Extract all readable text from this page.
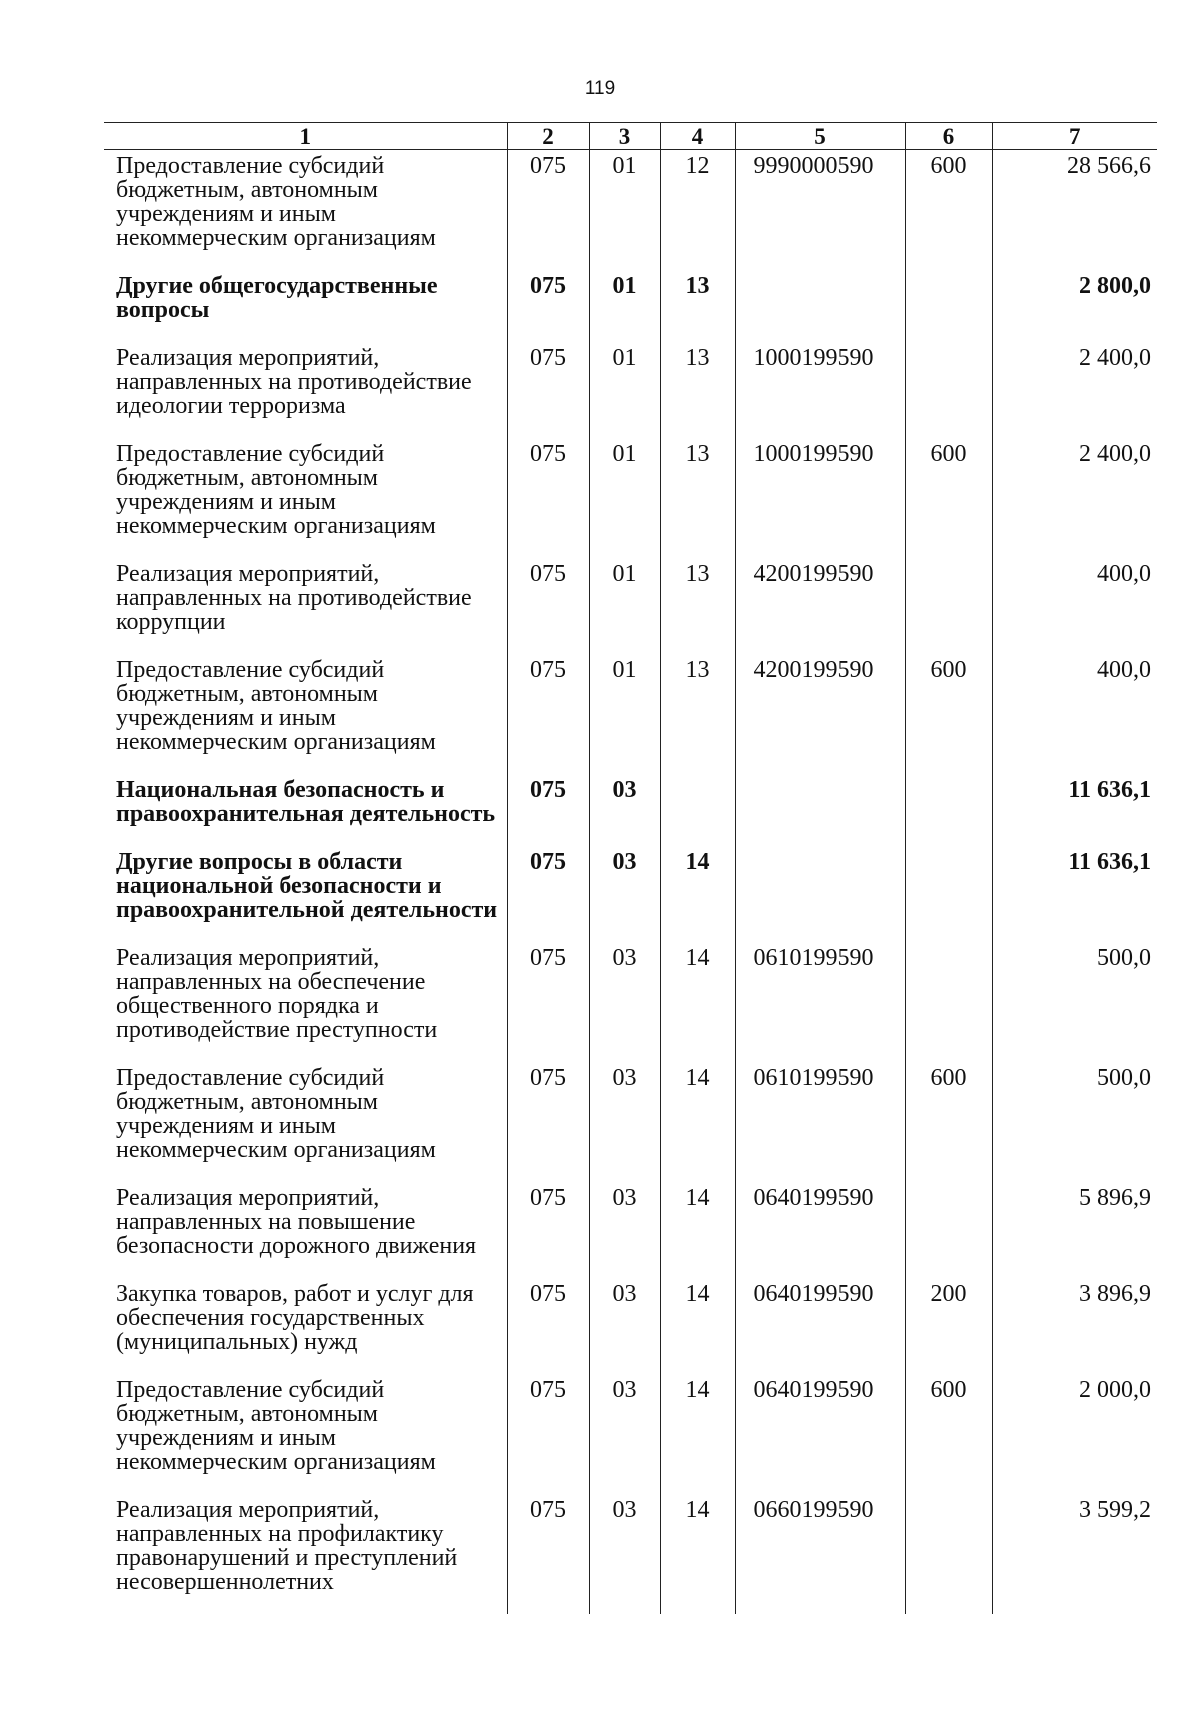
119
1	2	3	4	5	6	7
Предоставление субсидий бюджетным, автономным учреждениям и иным некоммерческим организациям	075	01	12	9990000590	600	28 566,6
Другие общегосударственные вопросы	075	01	13			2 800,0
Реализация мероприятий, направленных на противодействие идеологии терроризма	075	01	13	1000199590		2 400,0
Предоставление субсидий бюджетным, автономным учреждениям и иным некоммерческим организациям	075	01	13	1000199590	600	2 400,0
Реализация мероприятий, направленных на противодействие коррупции	075	01	13	4200199590		400,0
Предоставление субсидий бюджетным, автономным учреждениям и иным некоммерческим организациям	075	01	13	4200199590	600	400,0
Национальная безопасность и правоохранительная деятельность	075	03				11 636,1
Другие вопросы в области национальной безопасности и правоохранительной деятельности	075	03	14			11 636,1
Реализация мероприятий, направленных на обеспечение общественного порядка и противодействие преступности	075	03	14	0610199590		500,0
Предоставление субсидий бюджетным, автономным учреждениям и иным некоммерческим организациям	075	03	14	0610199590	600	500,0
Реализация мероприятий, направленных на повышение безопасности дорожного движения	075	03	14	0640199590		5 896,9
Закупка товаров, работ и услуг для обеспечения государственных (муниципальных) нужд	075	03	14	0640199590	200	3 896,9
Предоставление субсидий бюджетным, автономным учреждениям и иным некоммерческим организациям	075	03	14	0640199590	600	2 000,0
Реализация мероприятий, направленных на профилактику правонарушений и преступлений несовершеннолетних	075	03	14	0660199590		3 599,2
